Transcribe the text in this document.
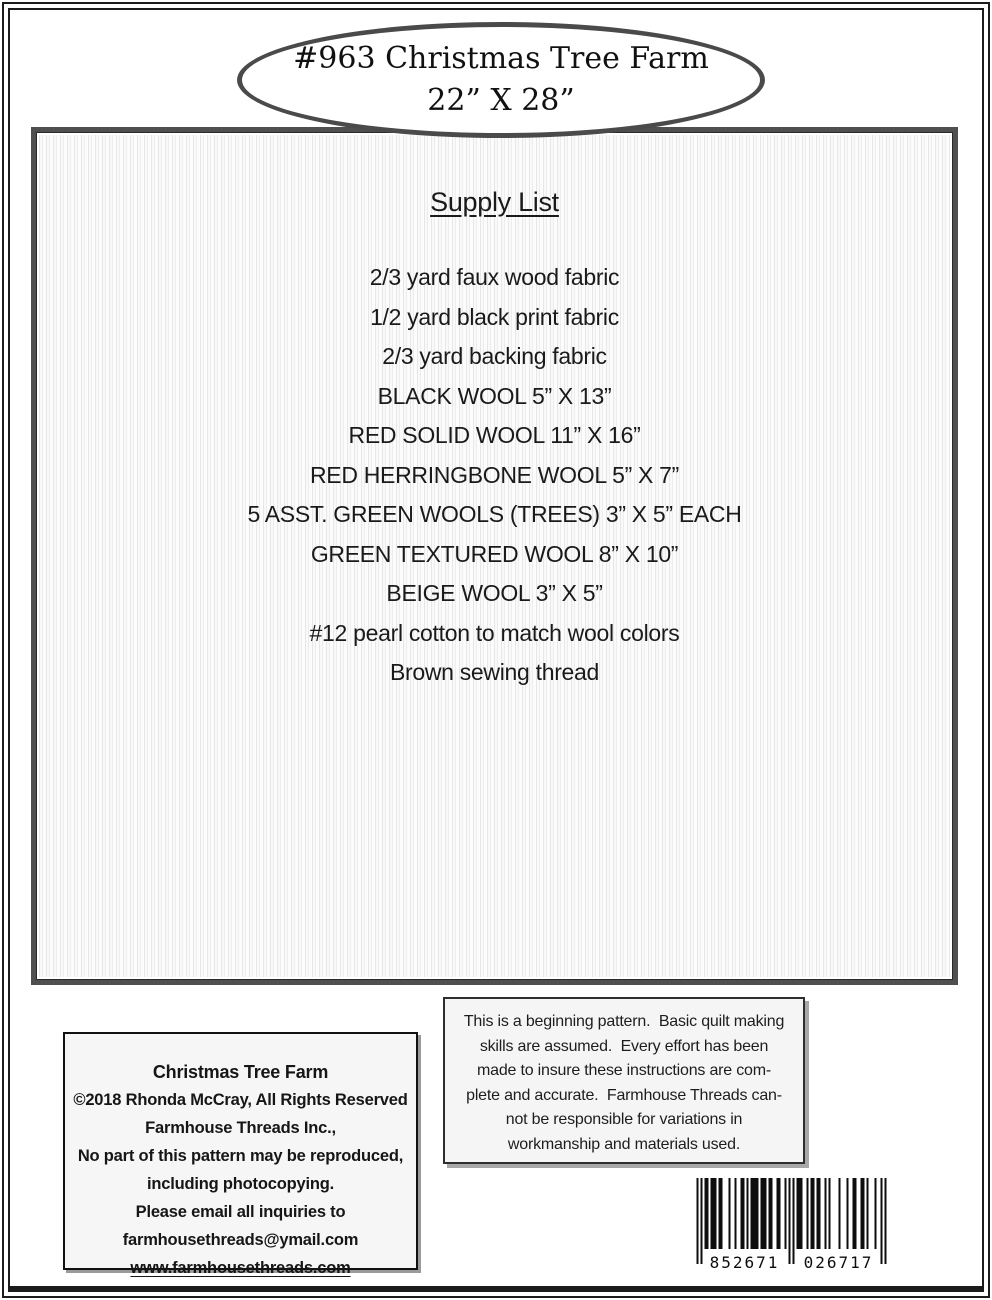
#963 Christmas Tree Farm
22” X 28”
Supply List
2/3 yard faux wood fabric
1/2 yard black print fabric
2/3 yard backing fabric
BLACK WOOL 5” X 13”
RED SOLID WOOL 11” X 16”
RED HERRINGBONE WOOL 5” X 7”
5 ASST. GREEN WOOLS (TREES) 3” X 5” EACH
GREEN TEXTURED WOOL 8” X 10”
BEIGE WOOL 3” X 5”
#12 pearl cotton to match wool colors
Brown sewing thread
Christmas Tree Farm
©2018 Rhonda McCray, All Rights Reserved
Farmhouse Threads Inc.,
No part of this pattern may be reproduced,
including photocopying.
Please email all inquiries to
farmhousethreads@ymail.com
www.farmhousethreads.com
This is a beginning pattern.  Basic quilt making
skills are assumed.  Every effort has been
made to insure these instructions are com-
plete and accurate.  Farmhouse Threads can-
not be responsible for variations in
workmanship and materials used.
852671 026717
